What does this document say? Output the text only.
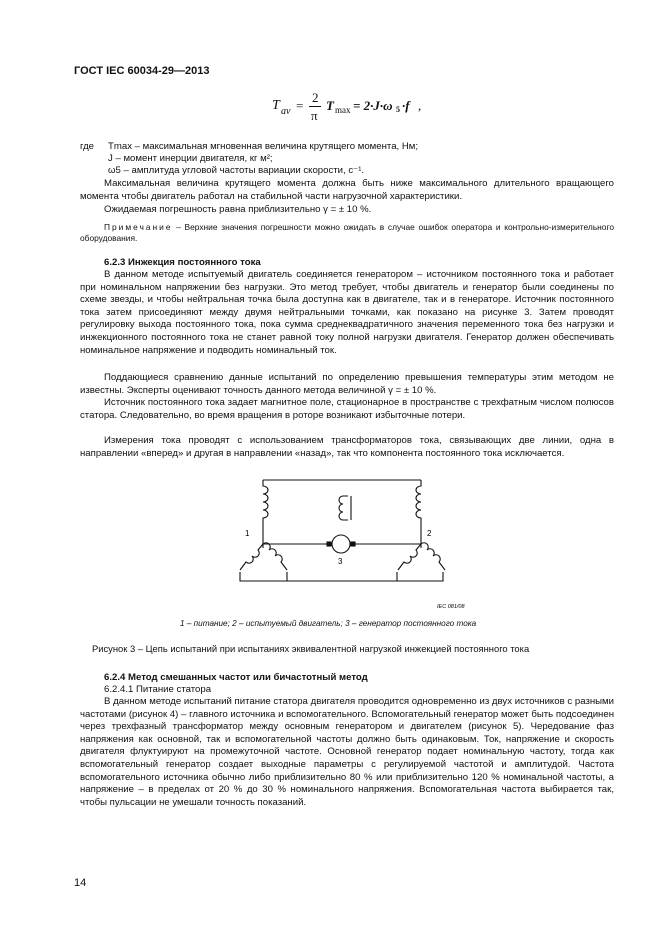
ГОСТ IEC 60034-29—2013
T av =
2
π
T max = 2·J·ω 5 ·f ,
где Tmax – максимальная мгновенная величина крутящего момента, Нм;
J – момент инерции двигателя, кг м²;
ω5 – амплитуда угловой частоты вариации скорости, с⁻¹.

Максимальная величина крутящего момента должна быть ниже максимального длительного вращающего момента чтобы двигатель работал на стабильной части нагрузочной характеристики.

Ожидаемая погрешность равна приблизительно γ = ± 10 %.

Примечание – Верхние значения погрешности можно ожидать в случае ошибок оператора и контрольно-измерительного оборудования.

6.2.3 Инжекция постоянного тока

В данном методе испытуемый двигатель соединяется генератором – источником постоянного тока и работает при номинальном напряжении без нагрузки. Это метод требует, чтобы двигатель и генератор были соединены по схеме звезды, и чтобы нейтральная точка была доступна как в двигателе, так и в генераторе. Источник постоянного тока затем присоединяют между двумя нейтральными точками, как показано на рисунке 3. Затем проводят регулировку выхода постоянного тока, пока сумма среднеквадратичного значения переменного тока без нагрузки и инжекционного постоянного тока не станет равной току полной нагрузки двигателя. Генератор должен обеспечивать номинальное напряжение и подводить номинальный ток.

Поддающиеся сравнению данные испытаний по определению превышения температуры этим методом не известны. Эксперты оценивают точность данного метода величиной γ = ± 10 %.

Источник постоянного тока задает магнитное поле, стационарное в пространстве с трехфатным числом полюсов статора. Следовательно, во время вращения в роторе возникают избыточные потери.

Измерения тока проводят с использованием трансформаторов тока, связывающих две линии, одна в направлении «вперед» и другая в направлении «назад», так что компонента постоянного тока исключается.

1	2
3
IEC 081/08
1 – питание; 2 – испытуемый двигатель; 3 – генератор постоянного тока
Рисунок 3 – Цепь испытаний при испытаниях эквивалентной нагрузкой инжекцией постоянного тока
6.2.4 Метод смешанных частот или бичастотный метод
6.2.4.1 Питание статора

В данном методе испытаний питание статора двигателя проводится одновременно из двух источников с разными частотами (рисунок 4) – главного источника и вспомогательного. Вспомогательный генератор может быть подсоединен через трехфазный трансформатор между основным генератором и двигателем (рисунок 5). Чередование фаз напряжения как основной, так и вспомогательной частоты должно быть одинаковым. Ток, напряжение и скорость двигателя флуктуируют на промежуточной частоте. Основной генератор подает номинальную частоту, тогда как вспомогательный генератор создает выходные параметры с регулируемой частотой и амплитудой. Частота вспомогательного источника обычно либо приблизительно 80 % или приблизительно 120 % номинальной частоты, а напряжение – в пределах от 20 % до 30 % номинального напряжения. Вспомогательная частота выбирается так, чтобы пульсации не умешали точность показаний.

14
